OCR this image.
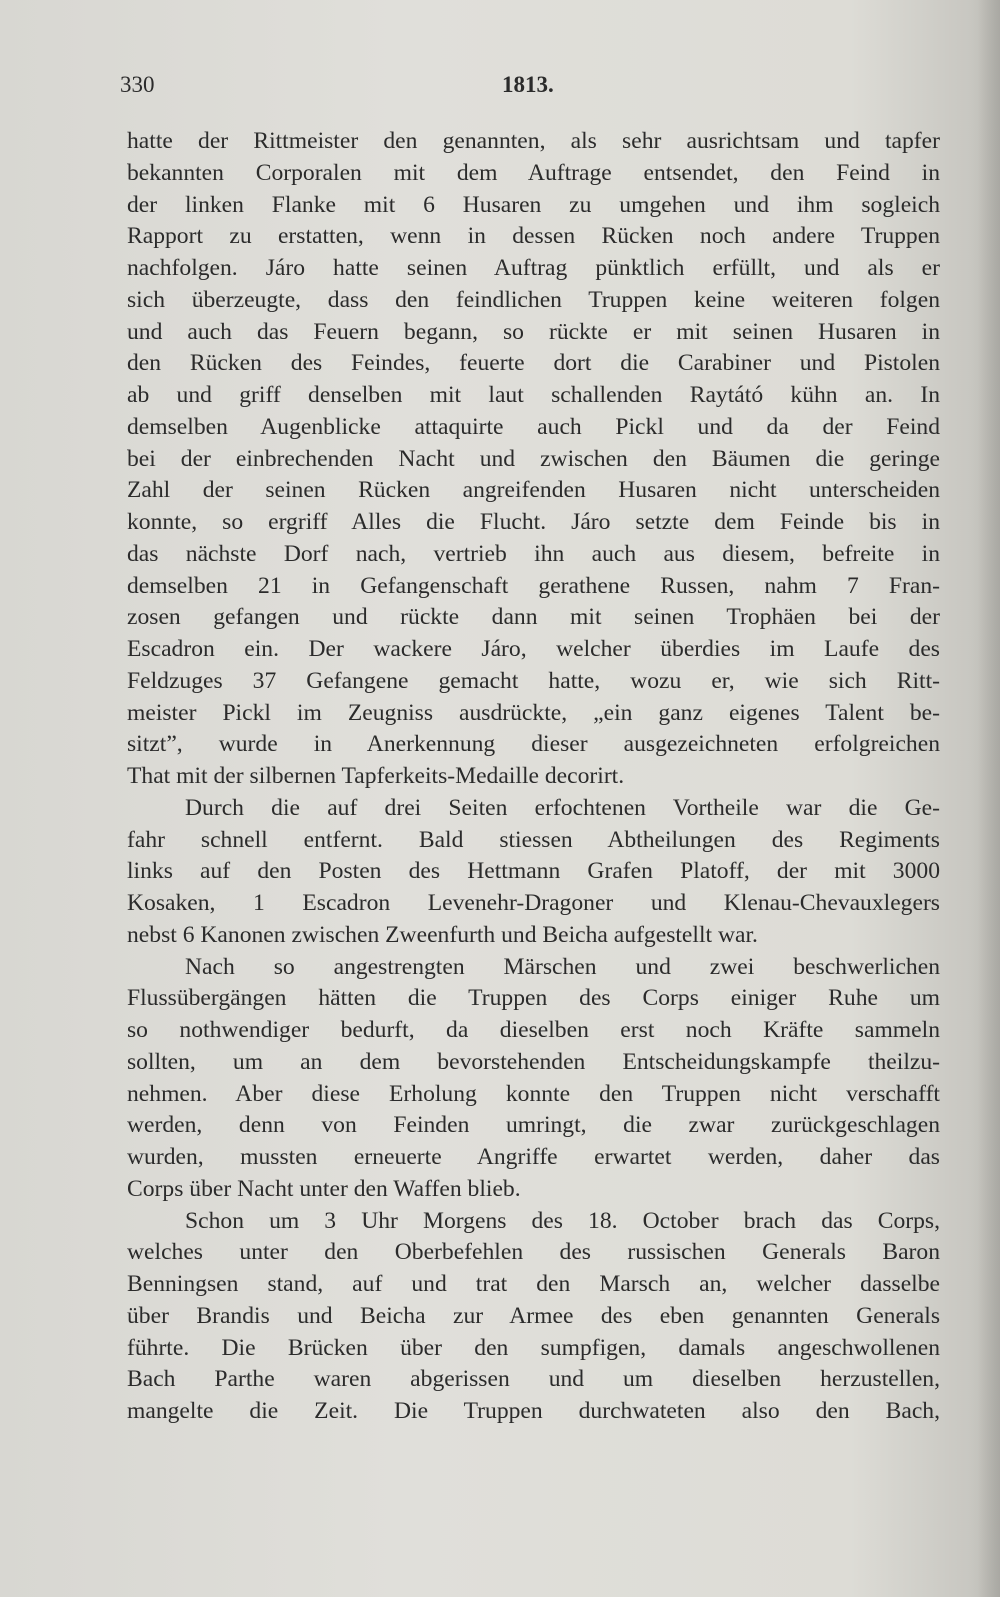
330	1813.
hatte der Rittmeister den genannten, als sehr ausrichtsam und tapfer
bekannten Corporalen mit dem Auftrage entsendet, den Feind in
der linken Flanke mit 6 Husaren zu umgehen und ihm sogleich
Rapport zu erstatten, wenn in dessen Rücken noch andere Truppen
nachfolgen. Járo hatte seinen Auftrag pünktlich erfüllt, und als er
sich überzeugte, dass den feindlichen Truppen keine weiteren folgen
und auch das Feuern begann, so rückte er mit seinen Husaren in
den Rücken des Feindes, feuerte dort die Carabiner und Pistolen
ab und griff denselben mit laut schallenden Raytátó kühn an. In
demselben Augenblicke attaquirte auch Pickl und da der Feind
bei der einbrechenden Nacht und zwischen den Bäumen die geringe
Zahl der seinen Rücken angreifenden Husaren nicht unterscheiden
konnte, so ergriff Alles die Flucht. Járo setzte dem Feinde bis in
das nächste Dorf nach, vertrieb ihn auch aus diesem, befreite in
demselben 21 in Gefangenschaft gerathene Russen, nahm 7 Fran-
zosen gefangen und rückte dann mit seinen Trophäen bei der
Escadron ein. Der wackere Járo, welcher überdies im Laufe des
Feldzuges 37 Gefangene gemacht hatte, wozu er, wie sich Ritt-
meister Pickl im Zeugniss ausdrückte, „ein ganz eigenes Talent be-
sitzt”, wurde in Anerkennung dieser ausgezeichneten erfolgreichen
That mit der silbernen Tapferkeits-Medaille decorirt.
Durch die auf drei Seiten erfochtenen Vortheile war die Ge-
fahr schnell entfernt. Bald stiessen Abtheilungen des Regiments
links auf den Posten des Hettmann Grafen Platoff, der mit 3000
Kosaken, 1 Escadron Levenehr-Dragoner und Klenau-Chevauxlegers
nebst 6 Kanonen zwischen Zweenfurth und Beicha aufgestellt war.
Nach so angestrengten Märschen und zwei beschwerlichen
Flussübergängen hätten die Truppen des Corps einiger Ruhe um
so nothwendiger bedurft, da dieselben erst noch Kräfte sammeln
sollten, um an dem bevorstehenden Entscheidungskampfe theilzu-
nehmen. Aber diese Erholung konnte den Truppen nicht verschafft
werden, denn von Feinden umringt, die zwar zurückgeschlagen
wurden, mussten erneuerte Angriffe erwartet werden, daher das
Corps über Nacht unter den Waffen blieb.
Schon um 3 Uhr Morgens des 18. October brach das Corps,
welches unter den Oberbefehlen des russischen Generals Baron
Benningsen stand, auf und trat den Marsch an, welcher dasselbe
über Brandis und Beicha zur Armee des eben genannten Generals
führte. Die Brücken über den sumpfigen, damals angeschwollenen
Bach Parthe waren abgerissen und um dieselben herzustellen,
mangelte die Zeit. Die Truppen durchwateten also den Bach,
